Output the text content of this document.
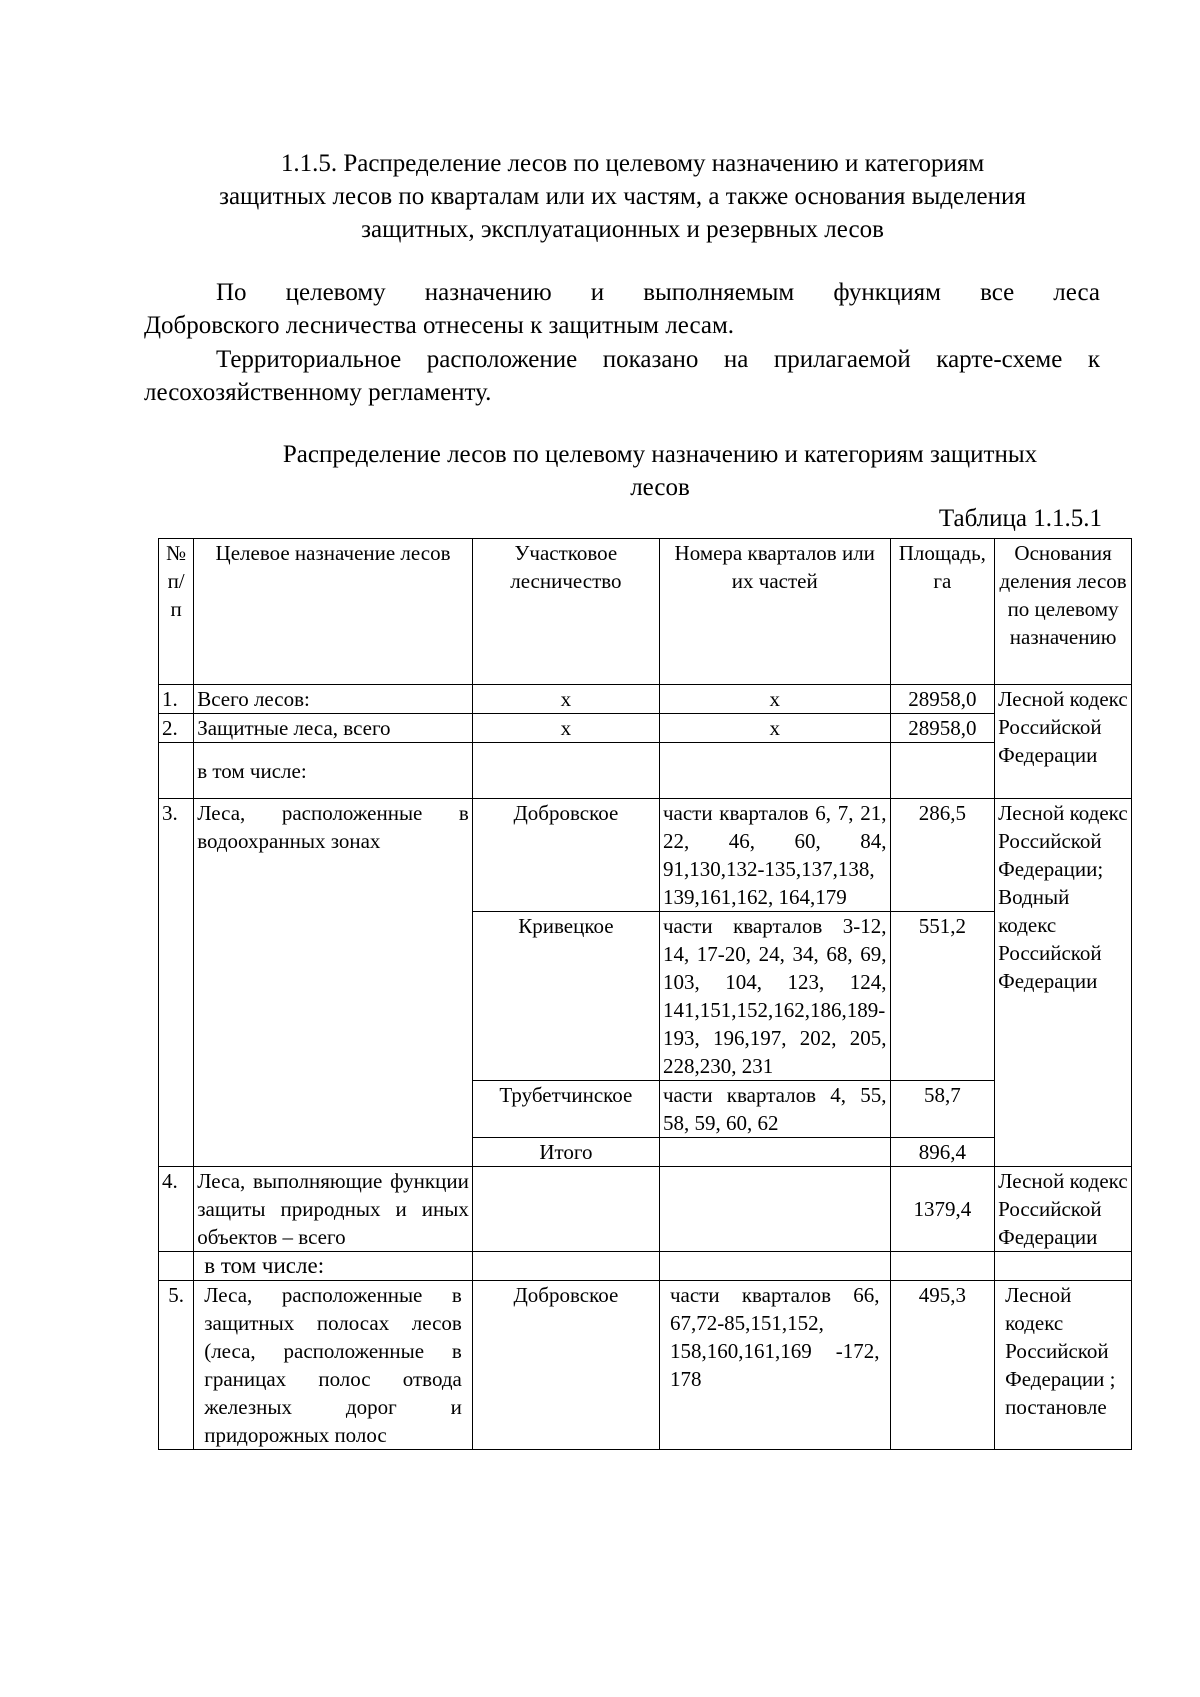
1.1.5. Распределение лесов по целевому назначению и категориям
защитных лесов по кварталам или их частям, а также основания выделения
защитных, эксплуатационных и резервных лесов
По целевому назначению и выполняемым функциям все леса
Добровского лесничества отнесены к защитным лесам.
Территориальное расположение показано на прилагаемой карте-схеме к
лесохозяйственному регламенту.
Распределение лесов по целевому назначению и категориям защитных
лесов
Таблица 1.1.5.1
№ п/п	Целевое назначение лесов	Участковое лесничество	Номера кварталов или их частей	Площадь, га	Основания деления лесов по целевому назначению
1.	Всего лесов:	х	х	28958,0	Лесной кодекс Российской Федерации
2.	Защитные леса, всего	х	х	28958,0	
	в том числе:				
3.	Леса, расположенные в водоохранных зонах	Добровское	части кварталов 6, 7, 21, 22, 46, 60, 84, 91,130,132-135,137,138, 139,161,162, 164,179	286,5	Лесной кодекс Российской Федерации; Водный кодекс Российской Федерации
		Кривецкое	части кварталов 3-12, 14, 17-20, 24, 34, 68, 69, 103, 104, 123, 124, 141,151,152,162,186,189-193, 196,197, 202, 205, 228,230, 231	551,2	
		Трубетчинское	части кварталов 4, 55, 58, 59, 60, 62	58,7	
		Итого		896,4	
4.	Леса, выполняющие функции защиты природных и иных объектов – всего			1379,4	Лесной кодекс Российской Федерации
	в том числе:				
5.	Леса, расположенные в защитных полосах лесов (леса, расположенные в границах полос отвода железных дорог и придорожных полос	Добровское	части кварталов 66, 67,72-85,151,152, 158,160,161,169 -172, 178	495,3	Лесной кодекс Российской Федерации ; постановле
